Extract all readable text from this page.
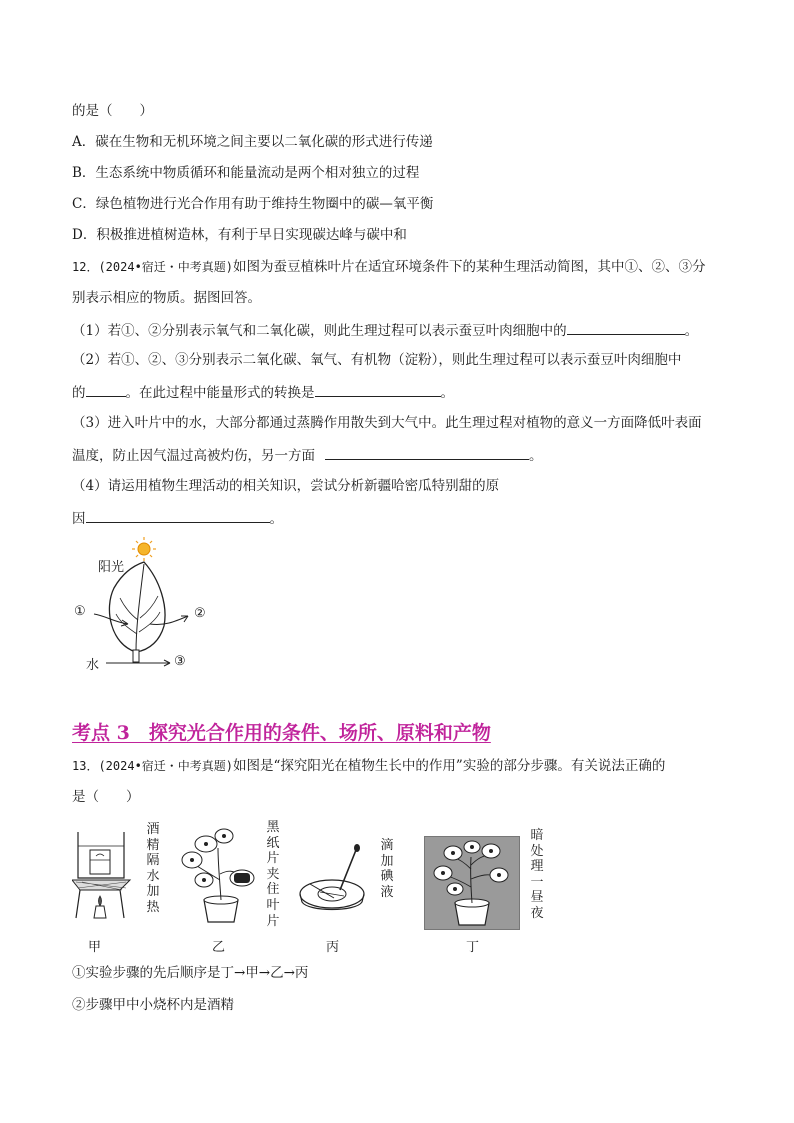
的是（　　）
A．碳在生物和无机环境之间主要以二氧化碳的形式进行传递
B．生态系统中物质循环和能量流动是两个相对独立的过程
C．绿色植物进行光合作用有助于维持生物圈中的碳—氧平衡
D．积极推进植树造林，有利于早日实现碳达峰与碳中和
12．(2024•宿迁・中考真题)如图为蚕豆植株叶片在适宜环境条件下的某种生理活动简图，其中①、②、③分
别表示相应的物质。据图回答。
（1）若①、②分别表示氧气和二氧化碳，则此生理过程可以表示蚕豆叶肉细胞中的	。
（2）若①、②、③分别表示二氧化碳、氧气、有机物（淀粉），则此生理过程可以表示蚕豆叶肉细胞中
的	。在此过程中能量形式的转换是	。
（3）进入叶片中的水，大部分都通过蒸腾作用散失到大气中。此生理过程对植物的意义一方面降低叶表面
温度，防止因气温过高被灼伤，另一方面	。
（4）请运用植物生理活动的相关知识，尝试分析新疆哈密瓜特别甜的原
因	。
阳光
①	②
水	③
考点 3　探究光合作用的条件、场所、原料和产物
13．(2024•宿迁・中考真题)如图是“探究阳光在植物生长中的作用”实验的部分步骤。有关说法正确的
是（　　）
酒精隔水加热
甲
黑纸片夹住叶片
乙
滴加碘液
丙
暗处理一昼夜
丁
①实验步骤的先后顺序是丁→甲→乙→丙
②步骤甲中小烧杯内是酒精
